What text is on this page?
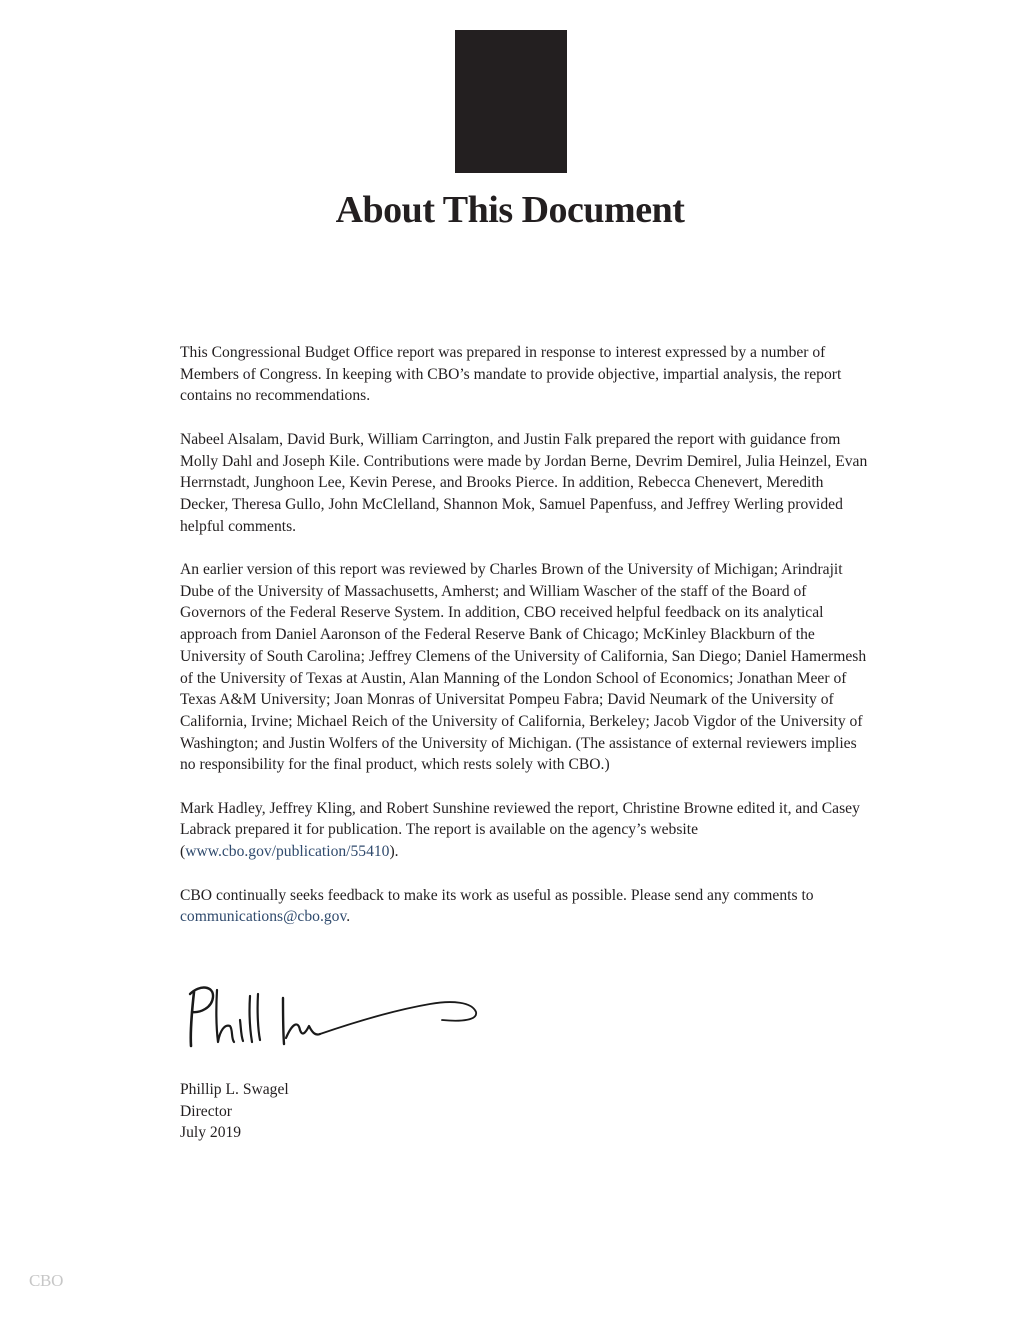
About This Document

This Congressional Budget Office report was prepared in response to interest expressed by a number of Members of Congress. In keeping with CBO’s mandate to provide objective, impartial analysis, the report contains no recommendations.

Nabeel Alsalam, David Burk, William Carrington, and Justin Falk prepared the report with guidance from Molly Dahl and Joseph Kile. Contributions were made by Jordan Berne, Devrim Demirel, Julia Heinzel, Evan Herrnstadt, Junghoon Lee, Kevin Perese, and Brooks Pierce. In addition, Rebecca Chenevert, Meredith Decker, Theresa Gullo, John McClelland, Shannon Mok, Samuel Papenfuss, and Jeffrey Werling provided helpful comments.

An earlier version of this report was reviewed by Charles Brown of the University of Michigan; Arindrajit Dube of the University of Massachusetts, Amherst; and William Wascher of the staff of the Board of Governors of the Federal Reserve System. In addition, CBO received helpful feedback on its analytical approach from Daniel Aaronson of the Federal Reserve Bank of Chicago; McKinley Blackburn of the University of South Carolina; Jeffrey Clemens of the University of California, San Diego; Daniel Hamermesh of the University of Texas at Austin, Alan Manning of the London School of Economics; Jonathan Meer of Texas A&M University; Joan Monras of Universitat Pompeu Fabra; David Neumark of the University of California, Irvine; Michael Reich of the University of California, Berkeley; Jacob Vigdor of the University of Washington; and Justin Wolfers of the University of Michigan. (The assistance of external reviewers implies no responsibility for the final product, which rests solely with CBO.)

Mark Hadley, Jeffrey Kling, and Robert Sunshine reviewed the report, Christine Browne edited it, and Casey Labrack prepared it for publication. The report is available on the agency’s website (www.cbo.gov/publication/55410).

CBO continually seeks feedback to make its work as useful as possible. Please send any comments to communications@cbo.gov.

Phillip L. Swagel
Director
July 2019
CBO
